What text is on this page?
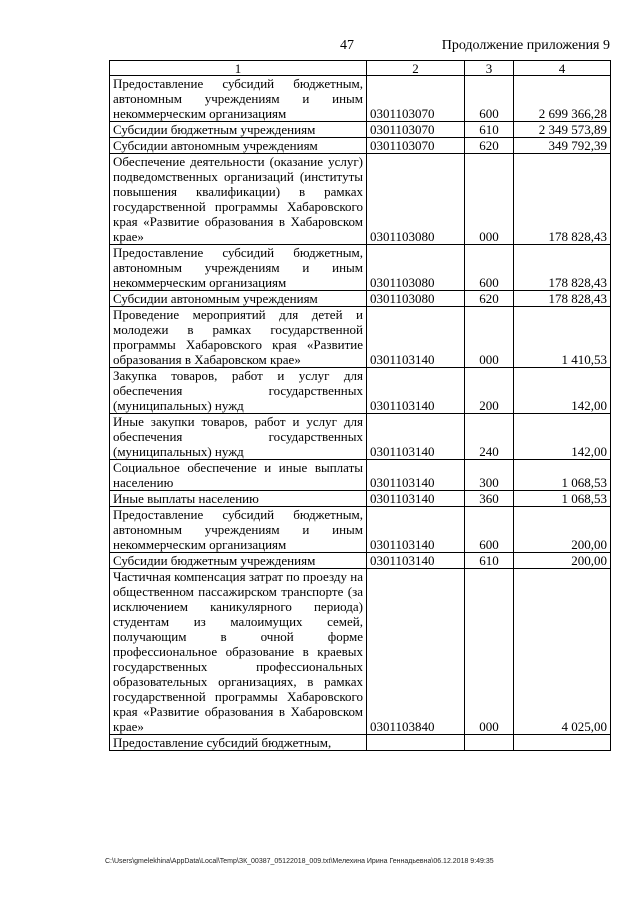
47	Продолжение приложения 9
1	2	3	4
Предоставление субсидий бюджетным, автономным учреждениям и иным некоммерческим организациям	0301103070	600	2 699 366,28
Субсидии бюджетным учреждениям	0301103070	610	2 349 573,89
Субсидии автономным учреждениям	0301103070	620	349 792,39
Обеспечение деятельности (оказание услуг) подведомственных организаций (институты повышения квалификации) в рамках государственной программы Хабаровского края «Развитие образования в Хабаровском крае»	0301103080	000	178 828,43
Предоставление субсидий бюджетным, автономным учреждениям и иным некоммерческим организациям	0301103080	600	178 828,43
Субсидии автономным учреждениям	0301103080	620	178 828,43
Проведение мероприятий для детей и молодежи в рамках государственной программы Хабаровского края «Развитие образования в Хабаровском крае»	0301103140	000	1 410,53
Закупка товаров, работ и услуг для обеспечения государственных (муниципальных) нужд	0301103140	200	142,00
Иные закупки товаров, работ и услуг для обеспечения государственных (муниципальных) нужд	0301103140	240	142,00
Социальное обеспечение и иные выплаты населению	0301103140	300	1 068,53
Иные выплаты населению	0301103140	360	1 068,53
Предоставление субсидий бюджетным, автономным учреждениям и иным некоммерческим организациям	0301103140	600	200,00
Субсидии бюджетным учреждениям	0301103140	610	200,00
Частичная компенсация затрат по проезду на общественном пассажирском транспорте (за исключением каникулярного периода) студентам из малоимущих семей, получающим в очной форме профессиональное образование в краевых государственных профессиональных образовательных организациях, в рамках государственной программы Хабаровского края «Развитие образования в Хабаровском крае»	0301103840	000	4 025,00
Предоставление субсидий бюджетным,			
C:\Users\gmelekhina\AppData\Local\Temp\ЗК_00387_05122018_009.txt\Мелехина Ирина Геннадьевна\06.12.2018 9:49:35
